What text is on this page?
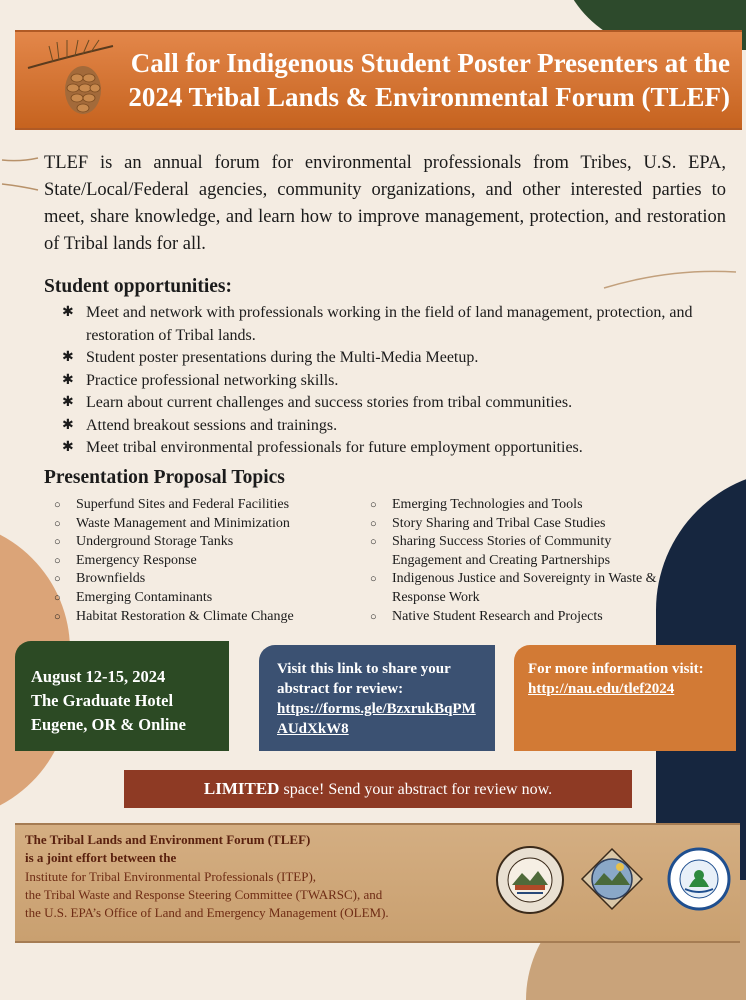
Call for Indigenous Student Poster Presenters at the
2024 Tribal Lands & Environmental Forum (TLEF)
TLEF is an annual forum for environmental professionals from Tribes, U.S. EPA, State/Local/Federal agencies, community organizations, and other interested parties to meet, share knowledge, and learn how to improve management, protection, and restoration of Tribal lands for all.
Student opportunities:
✱ Meet and network with professionals working in the field of land management, protection, and restoration of Tribal lands.
✱ Student poster presentations during the Multi-Media Meetup.
✱ Practice professional networking skills.
✱ Learn about current challenges and success stories from tribal communities.
✱ Attend breakout sessions and trainings.
✱ Meet tribal environmental professionals for future employment opportunities.
Presentation Proposal Topics
○ Superfund Sites and Federal Facilities
○ Waste Management and Minimization
○ Underground Storage Tanks
○ Emergency Response
○ Brownfields
○ Emerging Contaminants
○ Habitat Restoration & Climate Change
○ Emerging Technologies and Tools
○ Story Sharing and Tribal Case Studies
○ Sharing Success Stories of Community Engagement and Creating Partnerships
○ Indigenous Justice and Sovereignty in Waste & Response Work
○ Native Student Research and Projects
August 12-15, 2024
The Graduate Hotel
Eugene, OR & Online
Visit this link to share your abstract for review:
https://forms.gle/BzxrukBqPMAUdXkW8
For more information visit:
http://nau.edu/tlef2024
LIMITED space! Send your abstract for review now.
The Tribal Lands and Environment Forum (TLEF)
is a joint effort between the
Institute for Tribal Environmental Professionals (ITEP),
the Tribal Waste and Response Steering Committee (TWARSC), and
the U.S. EPA’s Office of Land and Emergency Management (OLEM).
